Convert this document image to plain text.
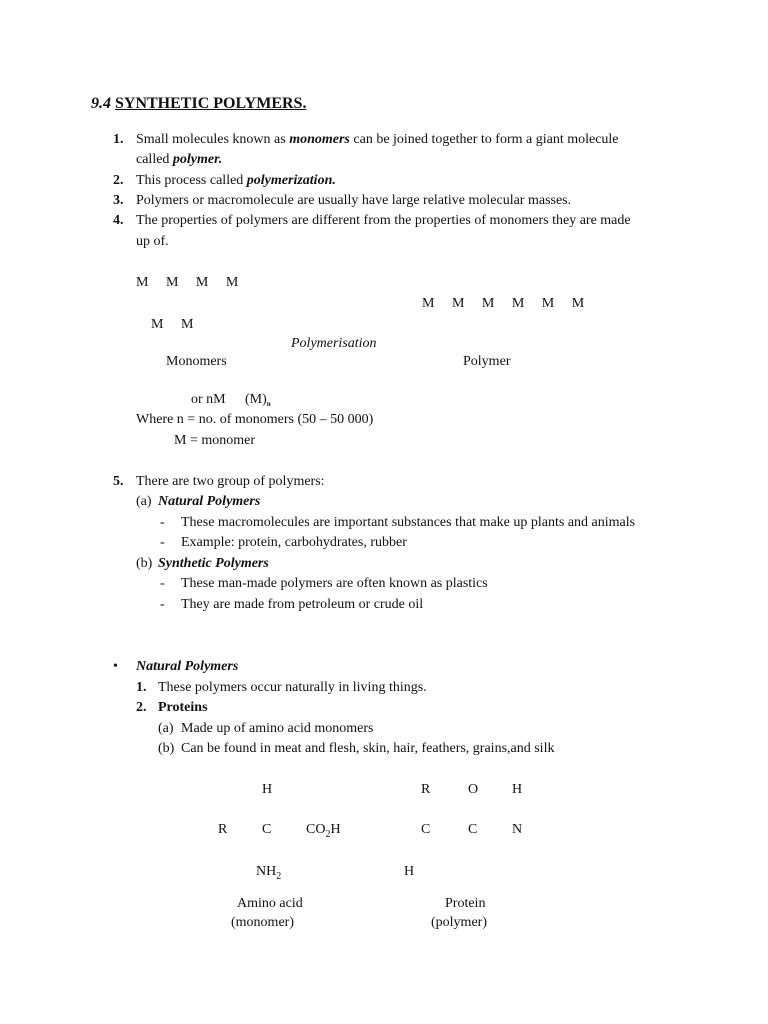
9.4 SYNTHETIC POLYMERS.
1. Small molecules known as monomers can be joined together to form a giant molecule
called polymer.
2. This process called polymerization.
3. Polymers or macromolecule are usually have large relative molecular masses.
4. The properties of polymers are different from the properties of monomers they are made
up of.
M     M     M     M
M     M     M     M     M     M
M     M
Polymerisation
Monomers	Polymer
or nM $(M)_n$
Where n = no. of monomers (50 – 50 000)
M = monomer
5. There are two group of polymers:
(a) Natural Polymers
- These macromolecules are important substances that make up plants and animals
- Example: protein, carbohydrates, rubber
(b) Synthetic Polymers
- These man-made polymers are often known as plastics
- They are made from petroleum or crude oil
• Natural Polymers
1. These polymers occur naturally in living things.
2. Proteins
(a) Made up of amino acid monomers
(b) Can be found in meat and flesh, skin, hair, feathers, grains,and silk
H
R C $CO_2H$
$NH_2$
Amino acid
(monomer)
R	O H
C	C N
H
Protein
(polymer)
